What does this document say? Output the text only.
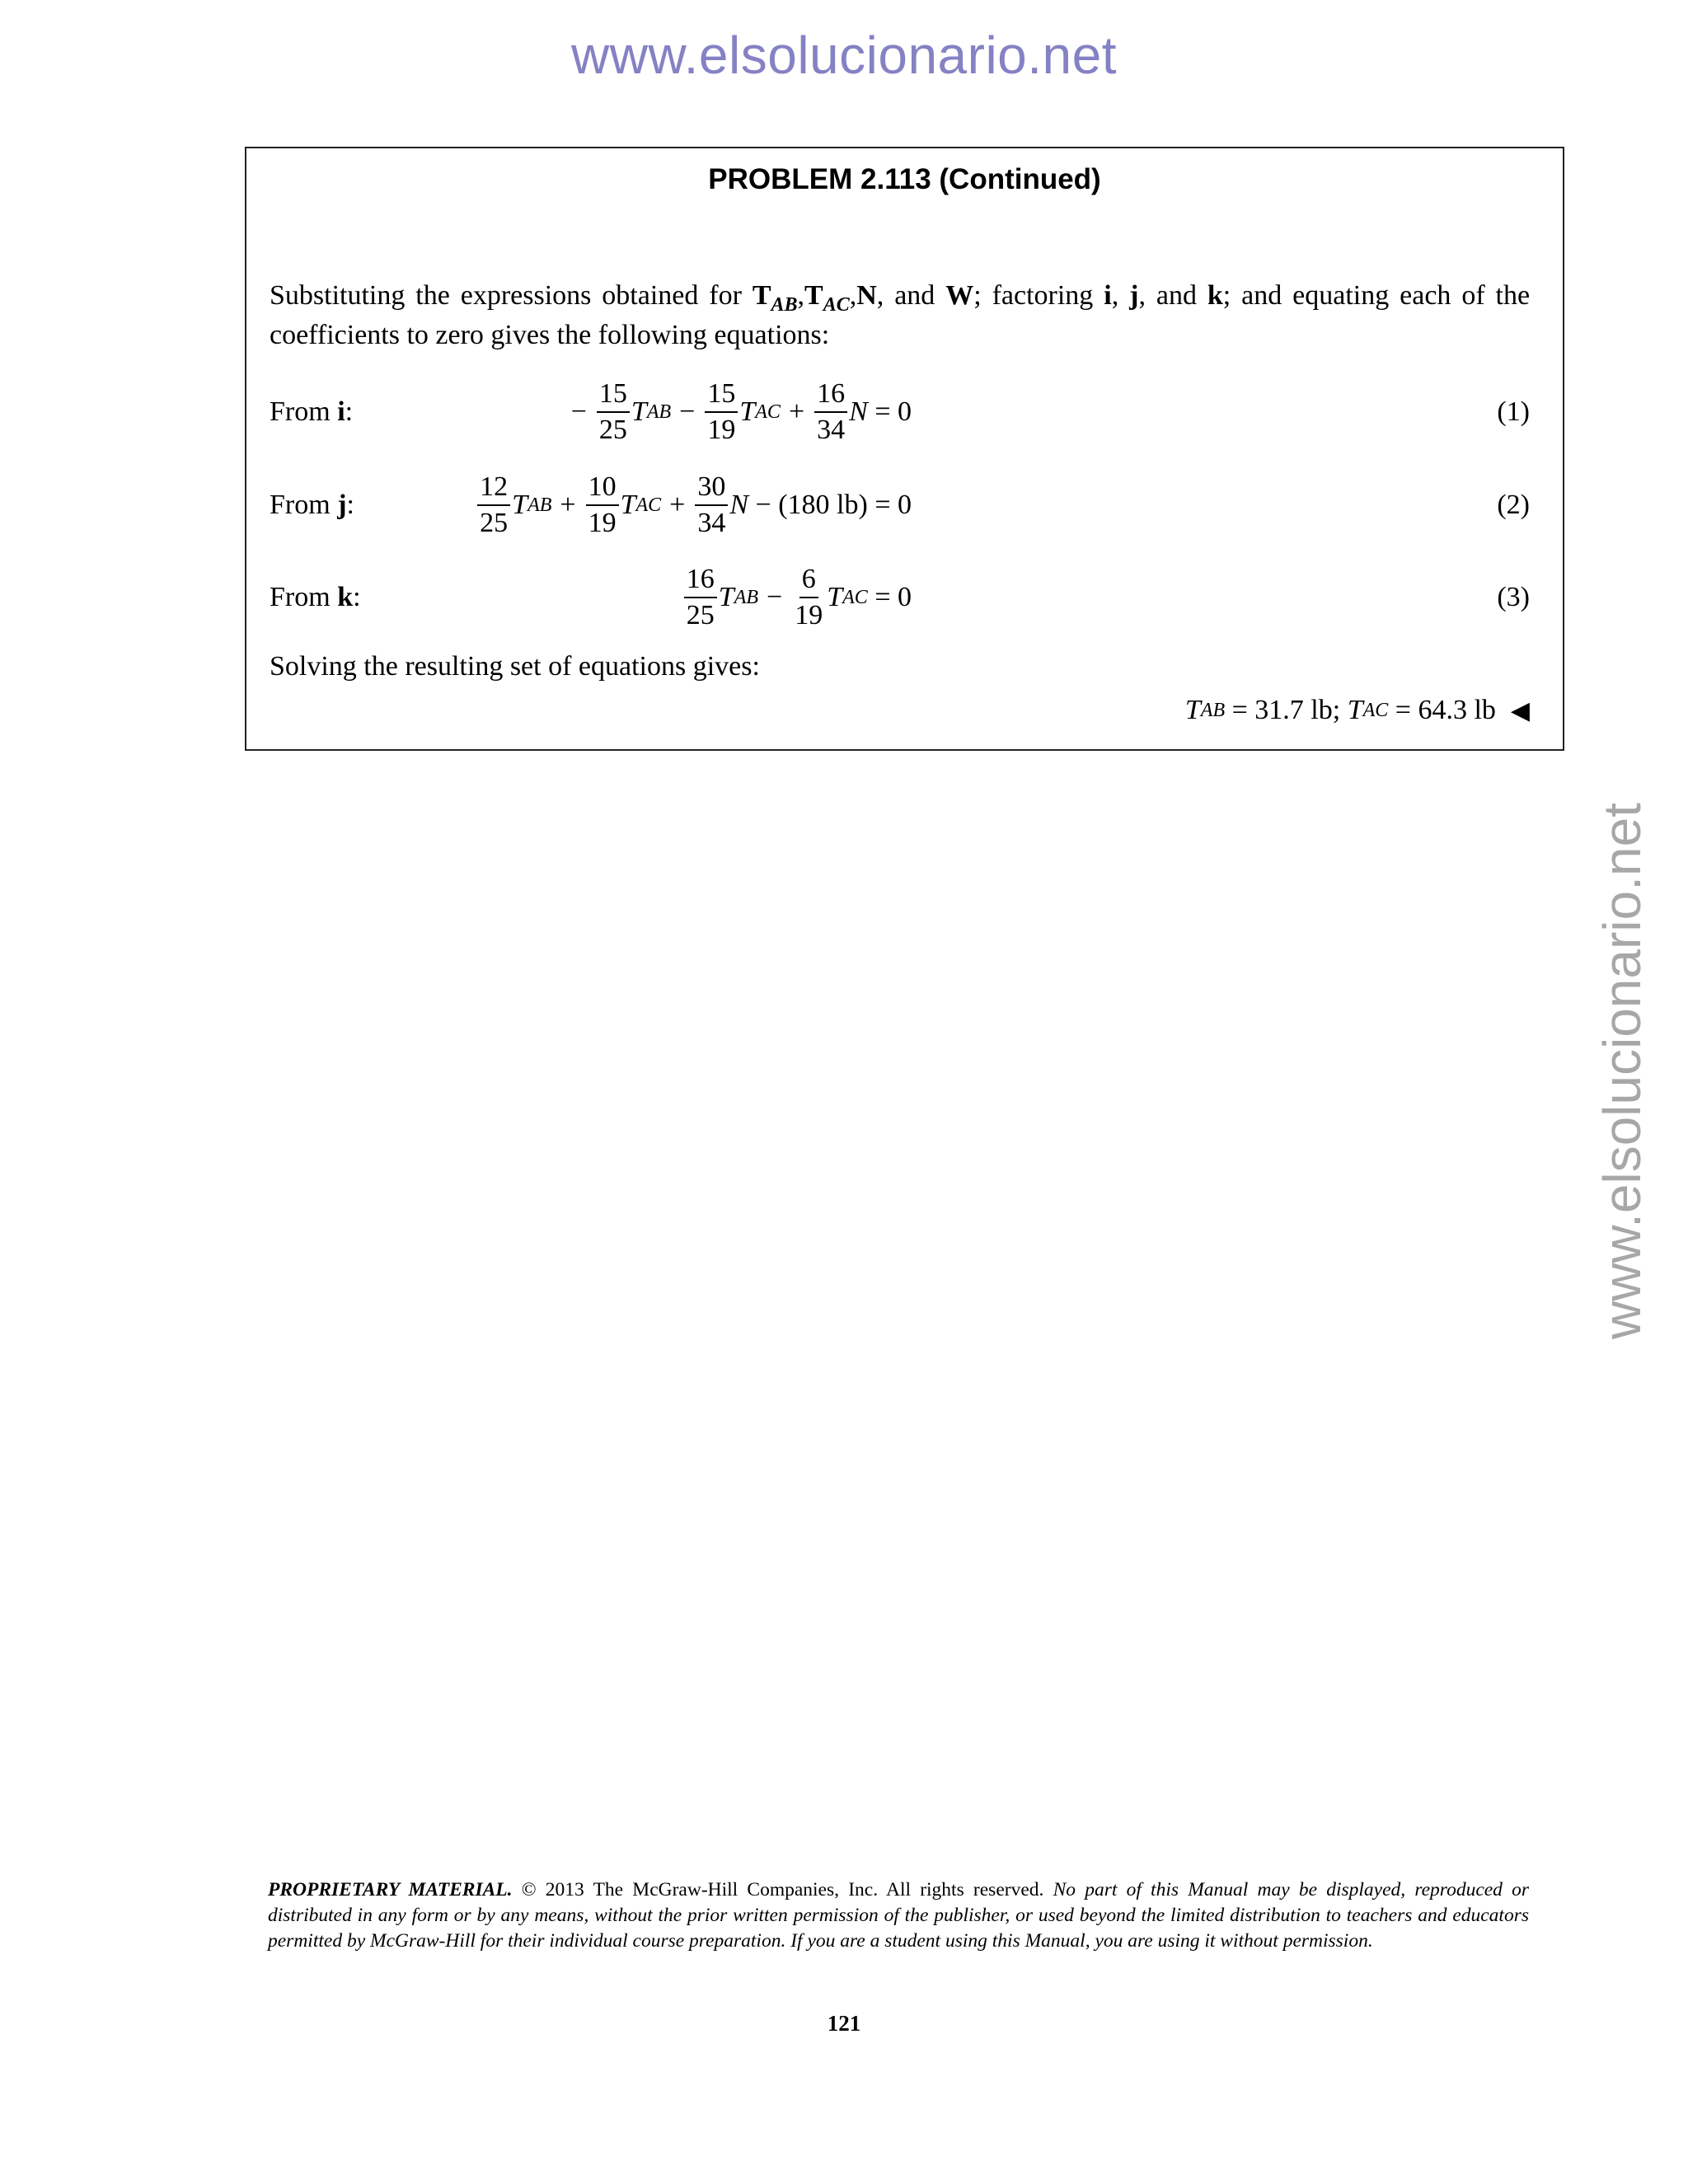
www.elsolucionario.net
www.elsolucionario.net
PROBLEM 2.113 (Continued)
Substituting the expressions obtained for $T_{AB},T_{AC},N$, and W; factoring i, j, and k; and equating each of the coefficients to zero gives the following equations:
From i:	− $\frac{15}{25}$ T AB − $\frac{15}{19}$ T AC + $\frac{16}{34}$ N
= 0	(1)
From j:	$\frac{12}{25}$ T AB + $\frac{10}{19}$ T AC + $\frac{30}{34}$ N
− (180 lb) = 0	(2)
From k:	$\frac{16}{25}$ T AB − $\frac{6}{19}$ T AC
= 0	(3)
Solving the resulting set of equations gives:
T AB
= 31.7 lb;
T AC
= 64.3 lb ◀
PROPRIETARY MATERIAL. © 2013 The McGraw-Hill Companies, Inc. All rights reserved. No part of this Manual may be displayed, reproduced or distributed in any form or by any means, without the prior written permission of the publisher, or used beyond the limited distribution to teachers and educators permitted by McGraw-Hill for their individual course preparation. If you are a student using this Manual, you are using it without permission.
121
